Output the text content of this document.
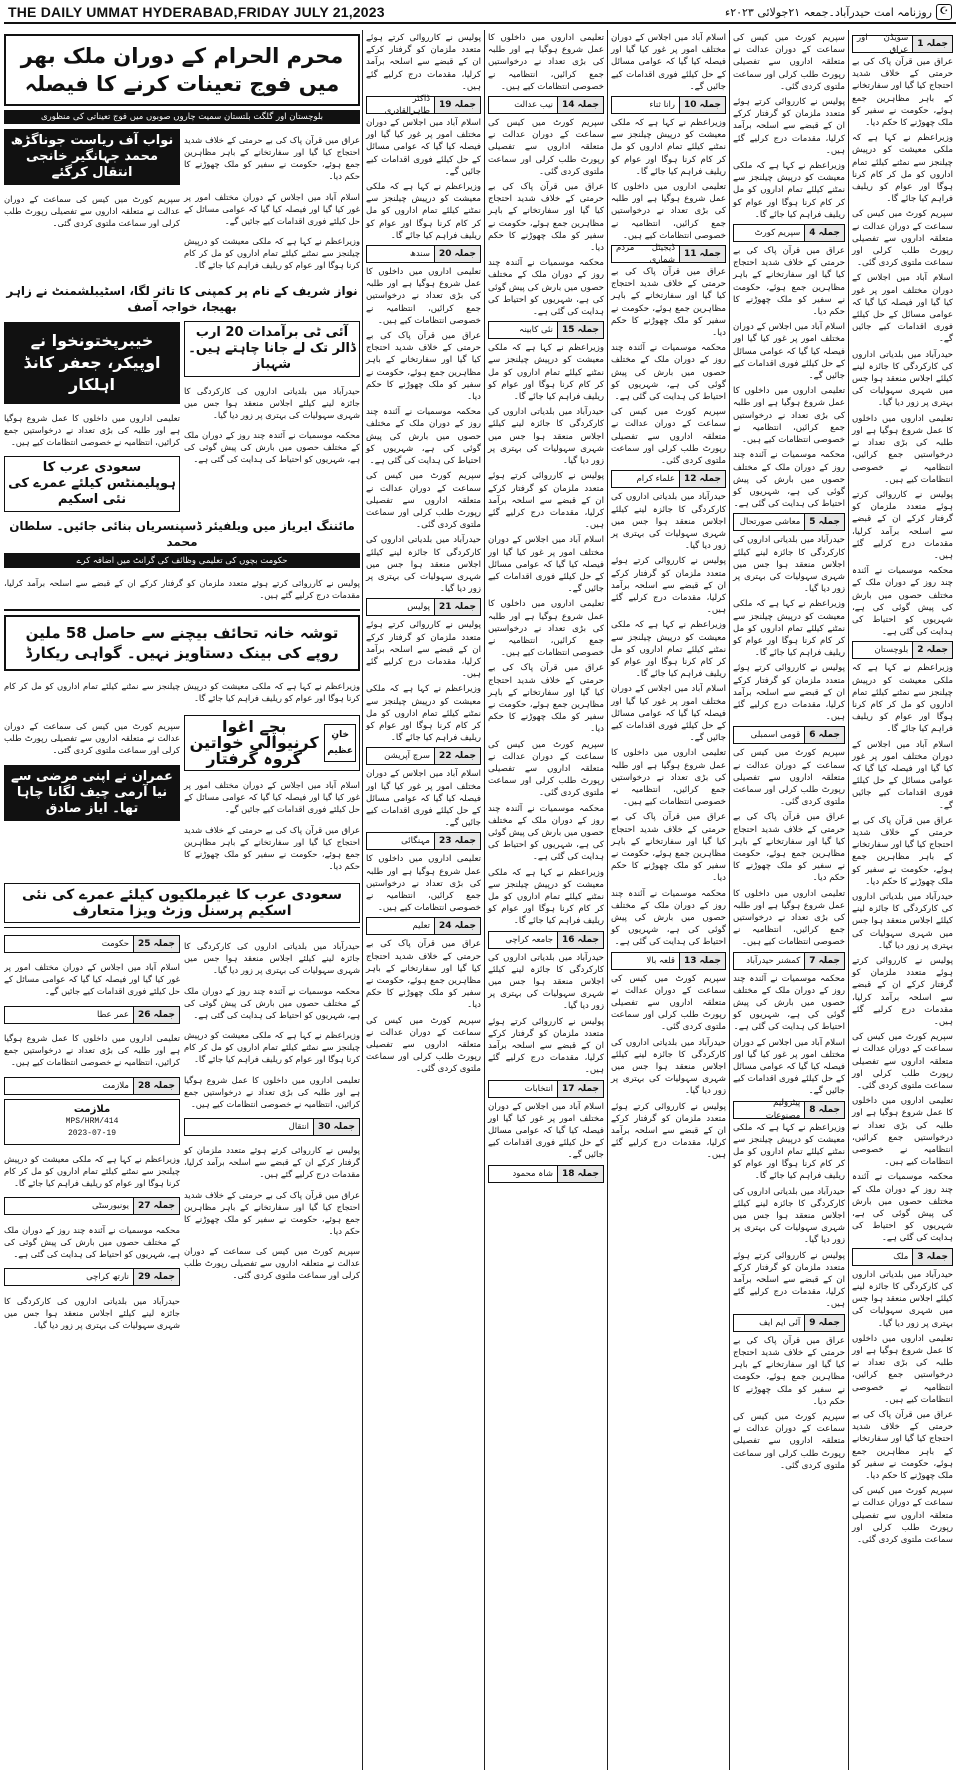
THE DAILY UMMAT HYDERABAD,FRIDAY JULY 21,2023	☪
روزنامہ امت حیدرآباد۔جمعہ ۲۱جولائی ۲۰۲۳ء
جملہ
1
سویڈن اور عراق

عراق میں قرآن پاک کی بے حرمتی کے خلاف شدید احتجاج کیا گیا اور سفارتخانے کے باہر مظاہرین جمع ہوئے، حکومت نے سفیر کو ملک چھوڑنے کا حکم دیا۔

وزیراعظم نے کہا ہے کہ ملکی معیشت کو درپیش چیلنجز سے نمٹنے کیلئے تمام اداروں کو مل کر کام کرنا ہوگا اور عوام کو ریلیف فراہم کیا جائے گا۔

سپریم کورٹ میں کیس کی سماعت کے دوران عدالت نے متعلقہ اداروں سے تفصیلی رپورٹ طلب کرلی اور سماعت ملتوی کردی گئی۔

اسلام آباد میں اجلاس کے دوران مختلف امور پر غور کیا گیا اور فیصلہ کیا گیا کہ عوامی مسائل کے حل کیلئے فوری اقدامات کیے جائیں گے۔

حیدرآباد میں بلدیاتی اداروں کی کارکردگی کا جائزہ لینے کیلئے اجلاس منعقد ہوا جس میں شہری سہولیات کی بہتری پر زور دیا گیا۔

تعلیمی اداروں میں داخلوں کا عمل شروع ہوگیا ہے اور طلبہ کی بڑی تعداد نے درخواستیں جمع کرائیں، انتظامیہ نے خصوصی انتظامات کیے ہیں۔

پولیس نے کارروائی کرتے ہوئے متعدد ملزمان کو گرفتار کرکے ان کے قبضے سے اسلحہ برآمد کرلیا، مقدمات درج کرلیے گئے ہیں۔

محکمہ موسمیات نے آئندہ چند روز کے دوران ملک کے مختلف حصوں میں بارش کی پیش گوئی کی ہے، شہریوں کو احتیاط کی ہدایت کی گئی ہے۔

جملہ
2
بلوچستان

وزیراعظم نے کہا ہے کہ ملکی معیشت کو درپیش چیلنجز سے نمٹنے کیلئے تمام اداروں کو مل کر کام کرنا ہوگا اور عوام کو ریلیف فراہم کیا جائے گا۔

اسلام آباد میں اجلاس کے دوران مختلف امور پر غور کیا گیا اور فیصلہ کیا گیا کہ عوامی مسائل کے حل کیلئے فوری اقدامات کیے جائیں گے۔

عراق میں قرآن پاک کی بے حرمتی کے خلاف شدید احتجاج کیا گیا اور سفارتخانے کے باہر مظاہرین جمع ہوئے، حکومت نے سفیر کو ملک چھوڑنے کا حکم دیا۔

حیدرآباد میں بلدیاتی اداروں کی کارکردگی کا جائزہ لینے کیلئے اجلاس منعقد ہوا جس میں شہری سہولیات کی بہتری پر زور دیا گیا۔

پولیس نے کارروائی کرتے ہوئے متعدد ملزمان کو گرفتار کرکے ان کے قبضے سے اسلحہ برآمد کرلیا، مقدمات درج کرلیے گئے ہیں۔

سپریم کورٹ میں کیس کی سماعت کے دوران عدالت نے متعلقہ اداروں سے تفصیلی رپورٹ طلب کرلی اور سماعت ملتوی کردی گئی۔

تعلیمی اداروں میں داخلوں کا عمل شروع ہوگیا ہے اور طلبہ کی بڑی تعداد نے درخواستیں جمع کرائیں، انتظامیہ نے خصوصی انتظامات کیے ہیں۔

محکمہ موسمیات نے آئندہ چند روز کے دوران ملک کے مختلف حصوں میں بارش کی پیش گوئی کی ہے، شہریوں کو احتیاط کی ہدایت کی گئی ہے۔

جملہ
3
ملک

حیدرآباد میں بلدیاتی اداروں کی کارکردگی کا جائزہ لینے کیلئے اجلاس منعقد ہوا جس میں شہری سہولیات کی بہتری پر زور دیا گیا۔

تعلیمی اداروں میں داخلوں کا عمل شروع ہوگیا ہے اور طلبہ کی بڑی تعداد نے درخواستیں جمع کرائیں، انتظامیہ نے خصوصی انتظامات کیے ہیں۔

عراق میں قرآن پاک کی بے حرمتی کے خلاف شدید احتجاج کیا گیا اور سفارتخانے کے باہر مظاہرین جمع ہوئے، حکومت نے سفیر کو ملک چھوڑنے کا حکم دیا۔

سپریم کورٹ میں کیس کی سماعت کے دوران عدالت نے متعلقہ اداروں سے تفصیلی رپورٹ طلب کرلی اور سماعت ملتوی کردی گئی۔

سپریم کورٹ میں کیس کی سماعت کے دوران عدالت نے متعلقہ اداروں سے تفصیلی رپورٹ طلب کرلی اور سماعت ملتوی کردی گئی۔

پولیس نے کارروائی کرتے ہوئے متعدد ملزمان کو گرفتار کرکے ان کے قبضے سے اسلحہ برآمد کرلیا، مقدمات درج کرلیے گئے ہیں۔

وزیراعظم نے کہا ہے کہ ملکی معیشت کو درپیش چیلنجز سے نمٹنے کیلئے تمام اداروں کو مل کر کام کرنا ہوگا اور عوام کو ریلیف فراہم کیا جائے گا۔

جملہ
4
سپریم کورٹ

عراق میں قرآن پاک کی بے حرمتی کے خلاف شدید احتجاج کیا گیا اور سفارتخانے کے باہر مظاہرین جمع ہوئے، حکومت نے سفیر کو ملک چھوڑنے کا حکم دیا۔

اسلام آباد میں اجلاس کے دوران مختلف امور پر غور کیا گیا اور فیصلہ کیا گیا کہ عوامی مسائل کے حل کیلئے فوری اقدامات کیے جائیں گے۔

تعلیمی اداروں میں داخلوں کا عمل شروع ہوگیا ہے اور طلبہ کی بڑی تعداد نے درخواستیں جمع کرائیں، انتظامیہ نے خصوصی انتظامات کیے ہیں۔

محکمہ موسمیات نے آئندہ چند روز کے دوران ملک کے مختلف حصوں میں بارش کی پیش گوئی کی ہے، شہریوں کو احتیاط کی ہدایت کی گئی ہے۔

جملہ
5
معاشی صورتحال

حیدرآباد میں بلدیاتی اداروں کی کارکردگی کا جائزہ لینے کیلئے اجلاس منعقد ہوا جس میں شہری سہولیات کی بہتری پر زور دیا گیا۔

وزیراعظم نے کہا ہے کہ ملکی معیشت کو درپیش چیلنجز سے نمٹنے کیلئے تمام اداروں کو مل کر کام کرنا ہوگا اور عوام کو ریلیف فراہم کیا جائے گا۔

پولیس نے کارروائی کرتے ہوئے متعدد ملزمان کو گرفتار کرکے ان کے قبضے سے اسلحہ برآمد کرلیا، مقدمات درج کرلیے گئے ہیں۔

جملہ
6
قومی اسمبلی

سپریم کورٹ میں کیس کی سماعت کے دوران عدالت نے متعلقہ اداروں سے تفصیلی رپورٹ طلب کرلی اور سماعت ملتوی کردی گئی۔

عراق میں قرآن پاک کی بے حرمتی کے خلاف شدید احتجاج کیا گیا اور سفارتخانے کے باہر مظاہرین جمع ہوئے، حکومت نے سفیر کو ملک چھوڑنے کا حکم دیا۔

تعلیمی اداروں میں داخلوں کا عمل شروع ہوگیا ہے اور طلبہ کی بڑی تعداد نے درخواستیں جمع کرائیں، انتظامیہ نے خصوصی انتظامات کیے ہیں۔

جملہ
7
کمشنر حیدرآباد

محکمہ موسمیات نے آئندہ چند روز کے دوران ملک کے مختلف حصوں میں بارش کی پیش گوئی کی ہے، شہریوں کو احتیاط کی ہدایت کی گئی ہے۔

اسلام آباد میں اجلاس کے دوران مختلف امور پر غور کیا گیا اور فیصلہ کیا گیا کہ عوامی مسائل کے حل کیلئے فوری اقدامات کیے جائیں گے۔

جملہ
8
پیٹرولیم مصنوعات

وزیراعظم نے کہا ہے کہ ملکی معیشت کو درپیش چیلنجز سے نمٹنے کیلئے تمام اداروں کو مل کر کام کرنا ہوگا اور عوام کو ریلیف فراہم کیا جائے گا۔

حیدرآباد میں بلدیاتی اداروں کی کارکردگی کا جائزہ لینے کیلئے اجلاس منعقد ہوا جس میں شہری سہولیات کی بہتری پر زور دیا گیا۔

پولیس نے کارروائی کرتے ہوئے متعدد ملزمان کو گرفتار کرکے ان کے قبضے سے اسلحہ برآمد کرلیا، مقدمات درج کرلیے گئے ہیں۔

جملہ
9
آئی ایم ایف

عراق میں قرآن پاک کی بے حرمتی کے خلاف شدید احتجاج کیا گیا اور سفارتخانے کے باہر مظاہرین جمع ہوئے، حکومت نے سفیر کو ملک چھوڑنے کا حکم دیا۔

سپریم کورٹ میں کیس کی سماعت کے دوران عدالت نے متعلقہ اداروں سے تفصیلی رپورٹ طلب کرلی اور سماعت ملتوی کردی گئی۔

اسلام آباد میں اجلاس کے دوران مختلف امور پر غور کیا گیا اور فیصلہ کیا گیا کہ عوامی مسائل کے حل کیلئے فوری اقدامات کیے جائیں گے۔

جملہ
10
رانا ثناء

وزیراعظم نے کہا ہے کہ ملکی معیشت کو درپیش چیلنجز سے نمٹنے کیلئے تمام اداروں کو مل کر کام کرنا ہوگا اور عوام کو ریلیف فراہم کیا جائے گا۔

تعلیمی اداروں میں داخلوں کا عمل شروع ہوگیا ہے اور طلبہ کی بڑی تعداد نے درخواستیں جمع کرائیں، انتظامیہ نے خصوصی انتظامات کیے ہیں۔

جملہ
11
ڈیجیٹل مردم شماری

عراق میں قرآن پاک کی بے حرمتی کے خلاف شدید احتجاج کیا گیا اور سفارتخانے کے باہر مظاہرین جمع ہوئے، حکومت نے سفیر کو ملک چھوڑنے کا حکم دیا۔

محکمہ موسمیات نے آئندہ چند روز کے دوران ملک کے مختلف حصوں میں بارش کی پیش گوئی کی ہے، شہریوں کو احتیاط کی ہدایت کی گئی ہے۔

سپریم کورٹ میں کیس کی سماعت کے دوران عدالت نے متعلقہ اداروں سے تفصیلی رپورٹ طلب کرلی اور سماعت ملتوی کردی گئی۔

جملہ
12
علماء کرام

حیدرآباد میں بلدیاتی اداروں کی کارکردگی کا جائزہ لینے کیلئے اجلاس منعقد ہوا جس میں شہری سہولیات کی بہتری پر زور دیا گیا۔

پولیس نے کارروائی کرتے ہوئے متعدد ملزمان کو گرفتار کرکے ان کے قبضے سے اسلحہ برآمد کرلیا، مقدمات درج کرلیے گئے ہیں۔

وزیراعظم نے کہا ہے کہ ملکی معیشت کو درپیش چیلنجز سے نمٹنے کیلئے تمام اداروں کو مل کر کام کرنا ہوگا اور عوام کو ریلیف فراہم کیا جائے گا۔

اسلام آباد میں اجلاس کے دوران مختلف امور پر غور کیا گیا اور فیصلہ کیا گیا کہ عوامی مسائل کے حل کیلئے فوری اقدامات کیے جائیں گے۔

تعلیمی اداروں میں داخلوں کا عمل شروع ہوگیا ہے اور طلبہ کی بڑی تعداد نے درخواستیں جمع کرائیں، انتظامیہ نے خصوصی انتظامات کیے ہیں۔

عراق میں قرآن پاک کی بے حرمتی کے خلاف شدید احتجاج کیا گیا اور سفارتخانے کے باہر مظاہرین جمع ہوئے، حکومت نے سفیر کو ملک چھوڑنے کا حکم دیا۔

محکمہ موسمیات نے آئندہ چند روز کے دوران ملک کے مختلف حصوں میں بارش کی پیش گوئی کی ہے، شہریوں کو احتیاط کی ہدایت کی گئی ہے۔

جملہ
13
قلعہ بالا

سپریم کورٹ میں کیس کی سماعت کے دوران عدالت نے متعلقہ اداروں سے تفصیلی رپورٹ طلب کرلی اور سماعت ملتوی کردی گئی۔

حیدرآباد میں بلدیاتی اداروں کی کارکردگی کا جائزہ لینے کیلئے اجلاس منعقد ہوا جس میں شہری سہولیات کی بہتری پر زور دیا گیا۔

پولیس نے کارروائی کرتے ہوئے متعدد ملزمان کو گرفتار کرکے ان کے قبضے سے اسلحہ برآمد کرلیا، مقدمات درج کرلیے گئے ہیں۔

تعلیمی اداروں میں داخلوں کا عمل شروع ہوگیا ہے اور طلبہ کی بڑی تعداد نے درخواستیں جمع کرائیں، انتظامیہ نے خصوصی انتظامات کیے ہیں۔

جملہ
14
نیب عدالت

سپریم کورٹ میں کیس کی سماعت کے دوران عدالت نے متعلقہ اداروں سے تفصیلی رپورٹ طلب کرلی اور سماعت ملتوی کردی گئی۔

عراق میں قرآن پاک کی بے حرمتی کے خلاف شدید احتجاج کیا گیا اور سفارتخانے کے باہر مظاہرین جمع ہوئے، حکومت نے سفیر کو ملک چھوڑنے کا حکم دیا۔

محکمہ موسمیات نے آئندہ چند روز کے دوران ملک کے مختلف حصوں میں بارش کی پیش گوئی کی ہے، شہریوں کو احتیاط کی ہدایت کی گئی ہے۔

جملہ
15
نئی کابینہ

وزیراعظم نے کہا ہے کہ ملکی معیشت کو درپیش چیلنجز سے نمٹنے کیلئے تمام اداروں کو مل کر کام کرنا ہوگا اور عوام کو ریلیف فراہم کیا جائے گا۔

حیدرآباد میں بلدیاتی اداروں کی کارکردگی کا جائزہ لینے کیلئے اجلاس منعقد ہوا جس میں شہری سہولیات کی بہتری پر زور دیا گیا۔

پولیس نے کارروائی کرتے ہوئے متعدد ملزمان کو گرفتار کرکے ان کے قبضے سے اسلحہ برآمد کرلیا، مقدمات درج کرلیے گئے ہیں۔

اسلام آباد میں اجلاس کے دوران مختلف امور پر غور کیا گیا اور فیصلہ کیا گیا کہ عوامی مسائل کے حل کیلئے فوری اقدامات کیے جائیں گے۔

تعلیمی اداروں میں داخلوں کا عمل شروع ہوگیا ہے اور طلبہ کی بڑی تعداد نے درخواستیں جمع کرائیں، انتظامیہ نے خصوصی انتظامات کیے ہیں۔

عراق میں قرآن پاک کی بے حرمتی کے خلاف شدید احتجاج کیا گیا اور سفارتخانے کے باہر مظاہرین جمع ہوئے، حکومت نے سفیر کو ملک چھوڑنے کا حکم دیا۔

سپریم کورٹ میں کیس کی سماعت کے دوران عدالت نے متعلقہ اداروں سے تفصیلی رپورٹ طلب کرلی اور سماعت ملتوی کردی گئی۔

محکمہ موسمیات نے آئندہ چند روز کے دوران ملک کے مختلف حصوں میں بارش کی پیش گوئی کی ہے، شہریوں کو احتیاط کی ہدایت کی گئی ہے۔

وزیراعظم نے کہا ہے کہ ملکی معیشت کو درپیش چیلنجز سے نمٹنے کیلئے تمام اداروں کو مل کر کام کرنا ہوگا اور عوام کو ریلیف فراہم کیا جائے گا۔

جملہ
16
جامعہ کراچی

حیدرآباد میں بلدیاتی اداروں کی کارکردگی کا جائزہ لینے کیلئے اجلاس منعقد ہوا جس میں شہری سہولیات کی بہتری پر زور دیا گیا۔

پولیس نے کارروائی کرتے ہوئے متعدد ملزمان کو گرفتار کرکے ان کے قبضے سے اسلحہ برآمد کرلیا، مقدمات درج کرلیے گئے ہیں۔

جملہ
17
انتخابات

اسلام آباد میں اجلاس کے دوران مختلف امور پر غور کیا گیا اور فیصلہ کیا گیا کہ عوامی مسائل کے حل کیلئے فوری اقدامات کیے جائیں گے۔

جملہ
18
شاہ محمود

پولیس نے کارروائی کرتے ہوئے متعدد ملزمان کو گرفتار کرکے ان کے قبضے سے اسلحہ برآمد کرلیا، مقدمات درج کرلیے گئے ہیں۔

جملہ
19
ڈاکٹر طاہرالقادری

اسلام آباد میں اجلاس کے دوران مختلف امور پر غور کیا گیا اور فیصلہ کیا گیا کہ عوامی مسائل کے حل کیلئے فوری اقدامات کیے جائیں گے۔

وزیراعظم نے کہا ہے کہ ملکی معیشت کو درپیش چیلنجز سے نمٹنے کیلئے تمام اداروں کو مل کر کام کرنا ہوگا اور عوام کو ریلیف فراہم کیا جائے گا۔

جملہ
20
سندھ

تعلیمی اداروں میں داخلوں کا عمل شروع ہوگیا ہے اور طلبہ کی بڑی تعداد نے درخواستیں جمع کرائیں، انتظامیہ نے خصوصی انتظامات کیے ہیں۔

عراق میں قرآن پاک کی بے حرمتی کے خلاف شدید احتجاج کیا گیا اور سفارتخانے کے باہر مظاہرین جمع ہوئے، حکومت نے سفیر کو ملک چھوڑنے کا حکم دیا۔

محکمہ موسمیات نے آئندہ چند روز کے دوران ملک کے مختلف حصوں میں بارش کی پیش گوئی کی ہے، شہریوں کو احتیاط کی ہدایت کی گئی ہے۔

سپریم کورٹ میں کیس کی سماعت کے دوران عدالت نے متعلقہ اداروں سے تفصیلی رپورٹ طلب کرلی اور سماعت ملتوی کردی گئی۔

حیدرآباد میں بلدیاتی اداروں کی کارکردگی کا جائزہ لینے کیلئے اجلاس منعقد ہوا جس میں شہری سہولیات کی بہتری پر زور دیا گیا۔

جملہ
21
پولیس

پولیس نے کارروائی کرتے ہوئے متعدد ملزمان کو گرفتار کرکے ان کے قبضے سے اسلحہ برآمد کرلیا، مقدمات درج کرلیے گئے ہیں۔

وزیراعظم نے کہا ہے کہ ملکی معیشت کو درپیش چیلنجز سے نمٹنے کیلئے تمام اداروں کو مل کر کام کرنا ہوگا اور عوام کو ریلیف فراہم کیا جائے گا۔

جملہ
22
سرچ آپریشن

اسلام آباد میں اجلاس کے دوران مختلف امور پر غور کیا گیا اور فیصلہ کیا گیا کہ عوامی مسائل کے حل کیلئے فوری اقدامات کیے جائیں گے۔

جملہ
23
مہنگائی

تعلیمی اداروں میں داخلوں کا عمل شروع ہوگیا ہے اور طلبہ کی بڑی تعداد نے درخواستیں جمع کرائیں، انتظامیہ نے خصوصی انتظامات کیے ہیں۔

جملہ
24
تعلیم

عراق میں قرآن پاک کی بے حرمتی کے خلاف شدید احتجاج کیا گیا اور سفارتخانے کے باہر مظاہرین جمع ہوئے، حکومت نے سفیر کو ملک چھوڑنے کا حکم دیا۔

سپریم کورٹ میں کیس کی سماعت کے دوران عدالت نے متعلقہ اداروں سے تفصیلی رپورٹ طلب کرلی اور سماعت ملتوی کردی گئی۔

محرم الحرام کے دوران ملک بھر میں فوج تعینات کرنے کا فیصلہ
بلوچستان اور گلگت بلتستان سمیت چاروں صوبوں میں فوج تعیناتی کی منظوری

عراق میں قرآن پاک کی بے حرمتی کے خلاف شدید احتجاج کیا گیا اور سفارتخانے کے باہر مظاہرین جمع ہوئے، حکومت نے سفیر کو ملک چھوڑنے کا حکم دیا۔

اسلام آباد میں اجلاس کے دوران مختلف امور پر غور کیا گیا اور فیصلہ کیا گیا کہ عوامی مسائل کے حل کیلئے فوری اقدامات کیے جائیں گے۔

وزیراعظم نے کہا ہے کہ ملکی معیشت کو درپیش چیلنجز سے نمٹنے کیلئے تمام اداروں کو مل کر کام کرنا ہوگا اور عوام کو ریلیف فراہم کیا جائے گا۔

نواب آف ریاست جوناگڑھ محمد جہانگیر خانجی انتقال کرگئے

سپریم کورٹ میں کیس کی سماعت کے دوران عدالت نے متعلقہ اداروں سے تفصیلی رپورٹ طلب کرلی اور سماعت ملتوی کردی گئی۔

نواز شریف کے نام پر کمپنی کا تاثر لگا، اسٹیبلشمنٹ نے زاہر بھیجا، خواجہ آصف
آئی ٹی برآمدات 20 ارب ڈالر تک لے جانا چاہتے ہیں۔ شہباز

حیدرآباد میں بلدیاتی اداروں کی کارکردگی کا جائزہ لینے کیلئے اجلاس منعقد ہوا جس میں شہری سہولیات کی بہتری پر زور دیا گیا۔

محکمہ موسمیات نے آئندہ چند روز کے دوران ملک کے مختلف حصوں میں بارش کی پیش گوئی کی ہے، شہریوں کو احتیاط کی ہدایت کی گئی ہے۔

خیبرپختونخوا نے اوپیکر، جعفر کانڈ اہلکار

تعلیمی اداروں میں داخلوں کا عمل شروع ہوگیا ہے اور طلبہ کی بڑی تعداد نے درخواستیں جمع کرائیں، انتظامیہ نے خصوصی انتظامات کیے ہیں۔

سعودی عرب کا ہوپلیمنٹس کیلئے عمرے کی نئی اسکیم
مائننگ ایریاز میں ویلفیئر ڈسپنسریاں بنائی جائیں۔ سلطان محمد
حکومت بچوں کی تعلیمی وظائف کی گرانٹ میں اضافہ کرے

پولیس نے کارروائی کرتے ہوئے متعدد ملزمان کو گرفتار کرکے ان کے قبضے سے اسلحہ برآمد کرلیا، مقدمات درج کرلیے گئے ہیں۔

توشہ خانہ تحائف بیچنے سے حاصل 58 ملین روپے کی بینک دستاویز نہیں۔ گواہی ریکارڈ

وزیراعظم نے کہا ہے کہ ملکی معیشت کو درپیش چیلنجز سے نمٹنے کیلئے تمام اداروں کو مل کر کام کرنا ہوگا اور عوام کو ریلیف فراہم کیا جائے گا۔

خانِ عظیم
بچے اغوا کرنیوالی خواتین گروہ گرفتار

اسلام آباد میں اجلاس کے دوران مختلف امور پر غور کیا گیا اور فیصلہ کیا گیا کہ عوامی مسائل کے حل کیلئے فوری اقدامات کیے جائیں گے۔

عراق میں قرآن پاک کی بے حرمتی کے خلاف شدید احتجاج کیا گیا اور سفارتخانے کے باہر مظاہرین جمع ہوئے، حکومت نے سفیر کو ملک چھوڑنے کا حکم دیا۔

سپریم کورٹ میں کیس کی سماعت کے دوران عدالت نے متعلقہ اداروں سے تفصیلی رپورٹ طلب کرلی اور سماعت ملتوی کردی گئی۔

عمران نے اپنی مرضی سے نیا آرمی چیف لگانا چاہا تھا۔ ایاز صادق
سعودی عرب کا غیرملکیوں کیلئے عمرے کی نئی اسکیم پرسنل وزٹ ویزا متعارف

حیدرآباد میں بلدیاتی اداروں کی کارکردگی کا جائزہ لینے کیلئے اجلاس منعقد ہوا جس میں شہری سہولیات کی بہتری پر زور دیا گیا۔

محکمہ موسمیات نے آئندہ چند روز کے دوران ملک کے مختلف حصوں میں بارش کی پیش گوئی کی ہے، شہریوں کو احتیاط کی ہدایت کی گئی ہے۔

وزیراعظم نے کہا ہے کہ ملکی معیشت کو درپیش چیلنجز سے نمٹنے کیلئے تمام اداروں کو مل کر کام کرنا ہوگا اور عوام کو ریلیف فراہم کیا جائے گا۔

تعلیمی اداروں میں داخلوں کا عمل شروع ہوگیا ہے اور طلبہ کی بڑی تعداد نے درخواستیں جمع کرائیں، انتظامیہ نے خصوصی انتظامات کیے ہیں۔

جملہ
30
انتقال

پولیس نے کارروائی کرتے ہوئے متعدد ملزمان کو گرفتار کرکے ان کے قبضے سے اسلحہ برآمد کرلیا، مقدمات درج کرلیے گئے ہیں۔

عراق میں قرآن پاک کی بے حرمتی کے خلاف شدید احتجاج کیا گیا اور سفارتخانے کے باہر مظاہرین جمع ہوئے، حکومت نے سفیر کو ملک چھوڑنے کا حکم دیا۔

سپریم کورٹ میں کیس کی سماعت کے دوران عدالت نے متعلقہ اداروں سے تفصیلی رپورٹ طلب کرلی اور سماعت ملتوی کردی گئی۔

جملہ
25
حکومت

اسلام آباد میں اجلاس کے دوران مختلف امور پر غور کیا گیا اور فیصلہ کیا گیا کہ عوامی مسائل کے حل کیلئے فوری اقدامات کیے جائیں گے۔

جملہ
26
عمر عطا

تعلیمی اداروں میں داخلوں کا عمل شروع ہوگیا ہے اور طلبہ کی بڑی تعداد نے درخواستیں جمع کرائیں، انتظامیہ نے خصوصی انتظامات کیے ہیں۔

جملہ
28
ملازمت
ملازمت
MPS/HRM/414
2023-07-19

وزیراعظم نے کہا ہے کہ ملکی معیشت کو درپیش چیلنجز سے نمٹنے کیلئے تمام اداروں کو مل کر کام کرنا ہوگا اور عوام کو ریلیف فراہم کیا جائے گا۔

جملہ
27
یونیورسٹی

محکمہ موسمیات نے آئندہ چند روز کے دوران ملک کے مختلف حصوں میں بارش کی پیش گوئی کی ہے، شہریوں کو احتیاط کی ہدایت کی گئی ہے۔

جملہ
29
نارتھ کراچی

حیدرآباد میں بلدیاتی اداروں کی کارکردگی کا جائزہ لینے کیلئے اجلاس منعقد ہوا جس میں شہری سہولیات کی بہتری پر زور دیا گیا۔
